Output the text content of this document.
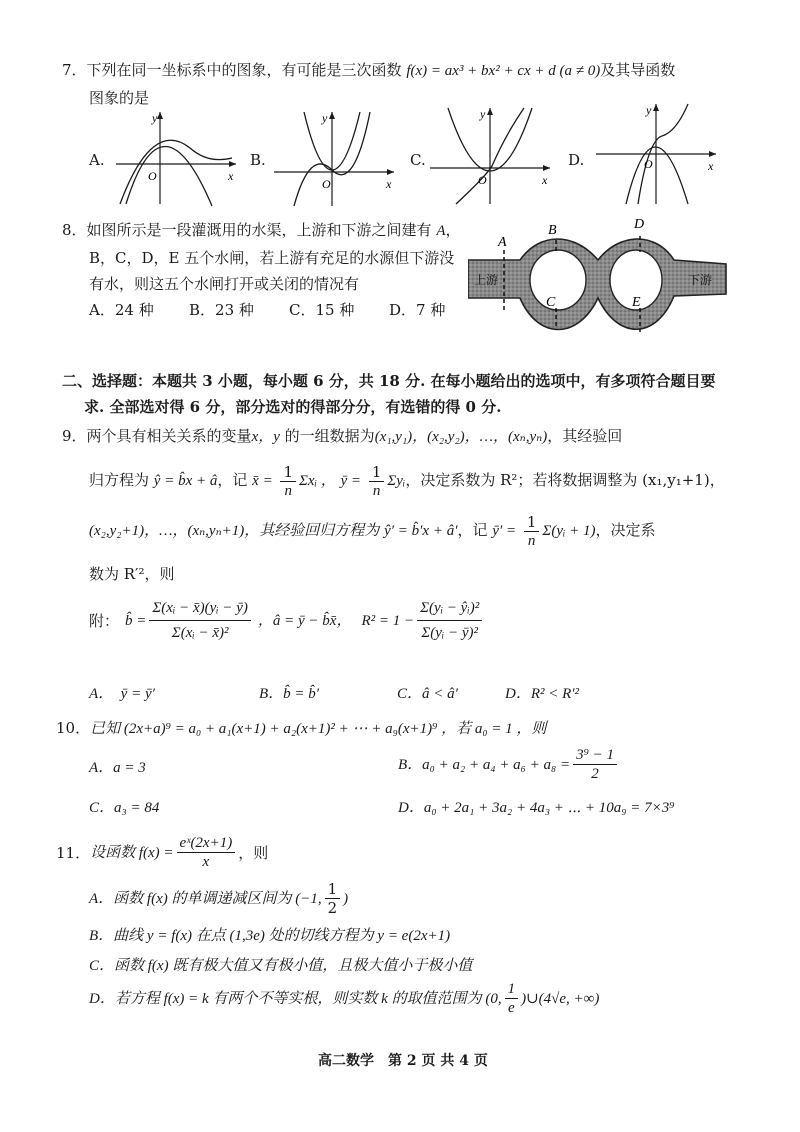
7．下列在同一坐标系中的图象，有可能是三次函数 f(x) = ax³ + bx² + cx + d (a ≠ 0)及其导函数
图象的是
A.
y
x
O
B.
y
x
O
C.
y
x
O
D.
y
x
O
8．如图所示是一段灌溉用的水渠，上游和下游之间建有 A，
B，C，D，E 五个水闸，若上游有充足的水源但下游没
有水，则这五个水闸打开或关闭的情况有
A．24 种 B．23 种 C．15 种 D．7 种
A
B
C
D
E
上游	下游
二、选择题：本题共 3 小题，每小题 6 分，共 18 分. 在每小题给出的选项中，有多项符合题目要
求. 全部选对得 6 分，部分选对的得部分分，有选错的得 0 分.
9．两个具有相关关系的变量x，y 的一组数据为(x₁,y₁)，(x₂,y₂)，…，(xₙ,yₙ)，其经验回
归方程为 ŷ = b̂x + â，记 x̄ = $\frac{1}{n}$ Σxᵢ ， ȳ = $\frac{1}{n}$ Σyᵢ，决定系数为 R²；若将数据调整为 (x₁,y₁+1)，
(x₂,y₂+1)，…，(xₙ,yₙ+1)，其经验回归方程为 ŷ′ = b̂′x + â′，记 ȳ′ = $\frac{1}{n}$ Σ(yᵢ + 1)，决定系
数为 R′²，则
附： b̂ = $\frac{\text{Σ(xᵢ − x̄)(yᵢ − ȳ)}}{\text{Σ(xᵢ − x̄)²}}$ ，â = ȳ − b̂x̄， $R^2 = 1 - \frac{\text{Σ(yᵢ − ŷᵢ)²}}{\text{Σ(yᵢ − ȳ)²}}$
A．　ȳ = ȳ′	B．b̂ = b̂′	C．â < â′	D．R² < R′²
10．已知 (2x+a)⁹ = a₀ + a₁(x+1) + a₂(x+1)² + ⋯ + a₉(x+1)⁹ ，若 a₀ = 1 ，则
A．a = 3	B．$a_0 + a_2 + a_4 + a_6 + a_8 = \frac{\text{3⁹ − 1}}{2}$
C．a₃ = 84	D．a₀ + 2a₁ + 3a₂ + 4a₃ + ⋯ + 10a₉ = 7×3⁹
11． 设函数 $f(x) = \frac{\text{eˣ(2x+1)}}{x}$ ，则
A．函数 f(x) 的单调递减区间为 (−1, $\frac{1}{2}$ )
B．曲线 y = f(x) 在点 (1,3e) 处的切线方程为 y = e(2x+1)
C．函数 f(x) 既有极大值又有极小值，且极大值小于极小值
D．若方程 f(x) = k 有两个不等实根，则实数 k 的取值范围为 (0, $\frac{1}{e}$ )∪(4√e, +∞)
高二数学　第 2 页 共 4 页
